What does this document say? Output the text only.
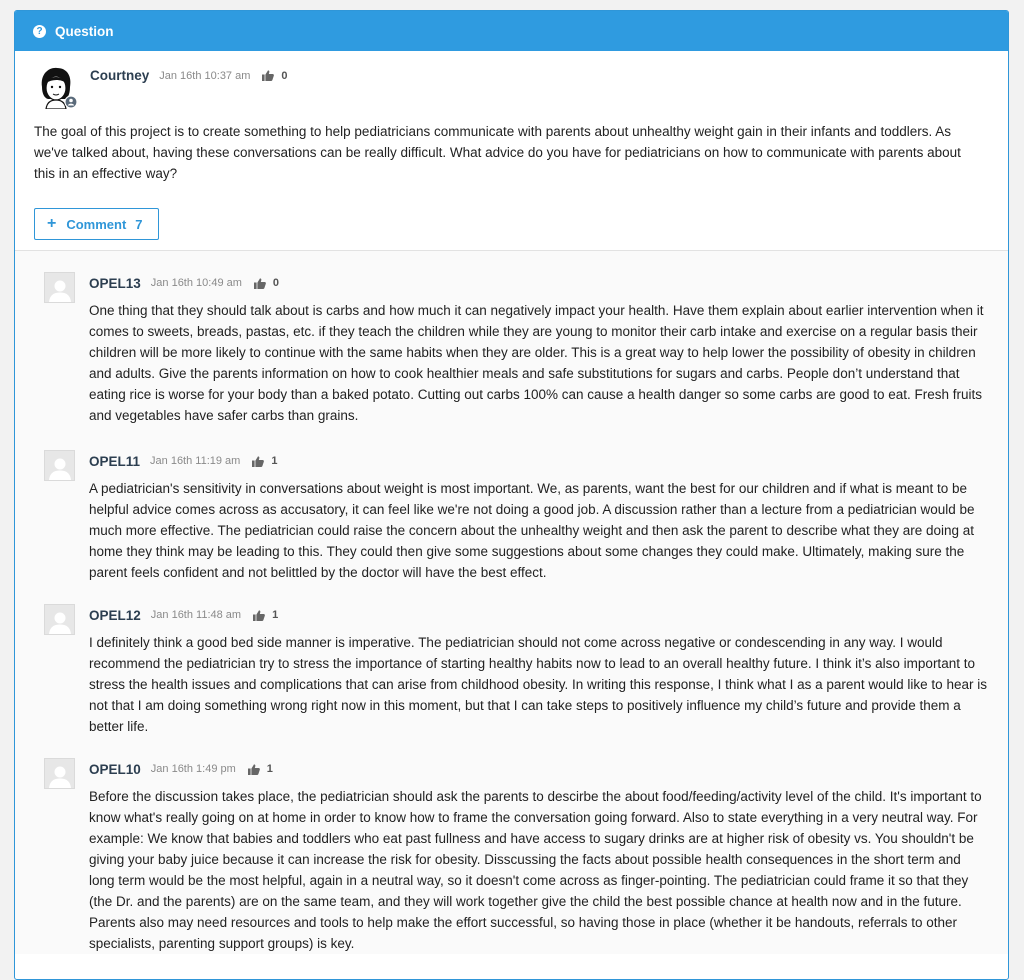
? Question
Courtney Jan 16th 10:37 am	0

The goal of this project is to create something to help pediatricians communicate with parents about unhealthy weight gain in their infants and toddlers. As we've talked about, having these conversations can be really difficult. What advice do you have for pediatricians on how to communicate with parents about this in an effective way?

+ Comment 7
OPEL13 Jan 16th 10:49 am	0

One thing that they should talk about is carbs and how much it can negatively impact your health. Have them explain about earlier intervention when it comes to sweets, breads, pastas, etc. if they teach the children while they are young to monitor their carb intake and exercise on a regular basis their children will be more likely to continue with the same habits when they are older. This is a great way to help lower the possibility of obesity in children and adults. Give the parents information on how to cook healthier meals and safe substitutions for sugars and carbs. People don’t understand that eating rice is worse for your body than a baked potato. Cutting out carbs 100% can cause a health danger so some carbs are good to eat. Fresh fruits and vegetables have safer carbs than grains.

OPEL11 Jan 16th 11:19 am	1

A pediatrician's sensitivity in conversations about weight is most important. We, as parents, want the best for our children and if what is meant to be helpful advice comes across as accusatory, it can feel like we're not doing a good job. A discussion rather than a lecture from a pediatrician would be much more effective. The pediatrician could raise the concern about the unhealthy weight and then ask the parent to describe what they are doing at home they think may be leading to this. They could then give some suggestions about some changes they could make. Ultimately, making sure the parent feels confident and not belittled by the doctor will have the best effect.

OPEL12 Jan 16th 11:48 am	1

I definitely think a good bed side manner is imperative. The pediatrician should not come across negative or condescending in any way. I would recommend the pediatrician try to stress the importance of starting healthy habits now to lead to an overall healthy future. I think it’s also important to stress the health issues and complications that can arise from childhood obesity. In writing this response, I think what I as a parent would like to hear is not that I am doing something wrong right now in this moment, but that I can take steps to positively influence my child’s future and provide them a better life.

OPEL10 Jan 16th 1:49 pm	1

Before the discussion takes place, the pediatrician should ask the parents to descirbe the about food/feeding/activity level of the child. It's important to know what's really going on at home in order to know how to frame the conversation going forward. Also to state everything in a very neutral way. For example: We know that babies and toddlers who eat past fullness and have access to sugary drinks are at higher risk of obesity vs. You shouldn't be giving your baby juice because it can increase the risk for obesity. Disscussing the facts about possible health consequences in the short term and long term would be the most helpful, again in a neutral way, so it doesn't come across as finger-pointing. The pediatrician could frame it so that they (the Dr. and the parents) are on the same team, and they will work together give the child the best possible chance at health now and in the future. Parents also may need resources and tools to help make the effort successful, so having those in place (whether it be handouts, referrals to other specialists, parenting support groups) is key.
